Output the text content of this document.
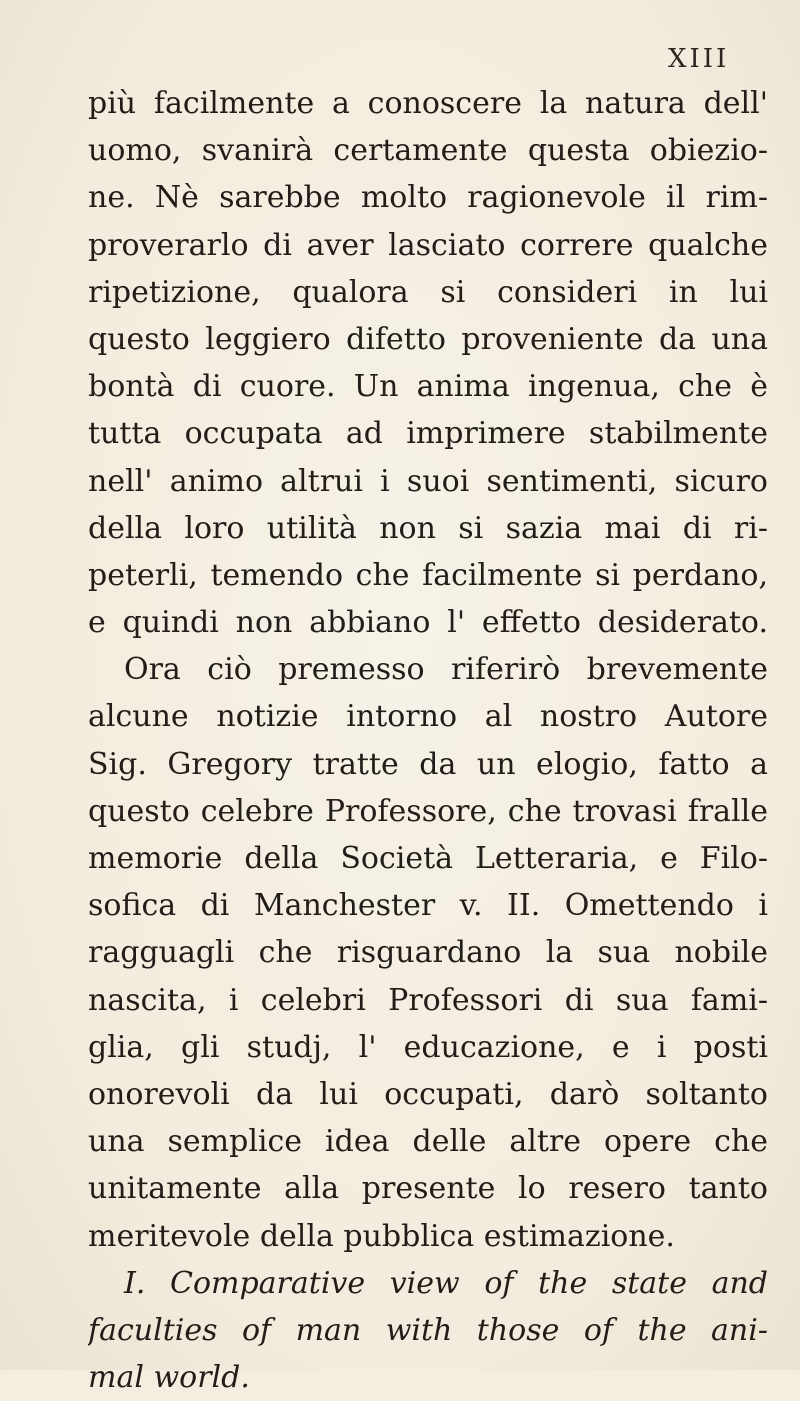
XIII
più facilmente a conoscere la natura dell'
uomo, svanirà certamente questa obiezio-
ne. Nè sarebbe molto ragionevole il rim-
proverarlo di aver lasciato correre qualche
ripetizione, qualora si consideri in lui
questo leggiero difetto proveniente da una
bontà di cuore. Un anima ingenua, che è
tutta occupata ad imprimere stabilmente
nell' animo altrui i suoi sentimenti, sicuro
della loro utilità non si sazia mai di ri-
peterli, temendo che facilmente si perdano,
e quindi non abbiano l' effetto desiderato.
Ora ciò premesso riferirò brevemente
alcune notizie intorno al nostro Autore
Sig. Gregory tratte da un elogio, fatto a
questo celebre Professore, che trovasi fralle
memorie della Società Letteraria, e Filo-
sofica di Manchester v. II. Omettendo i
ragguagli che risguardano la sua nobile
nascita, i celebri Professori di sua fami-
glia, gli studj, l' educazione, e i posti
onorevoli da lui occupati, darò soltanto
una semplice idea delle altre opere che
unitamente alla presente lo resero tanto
meritevole della pubblica estimazione.
I. Comparative view of the state and
faculties of man with those of the ani-
mal world.
